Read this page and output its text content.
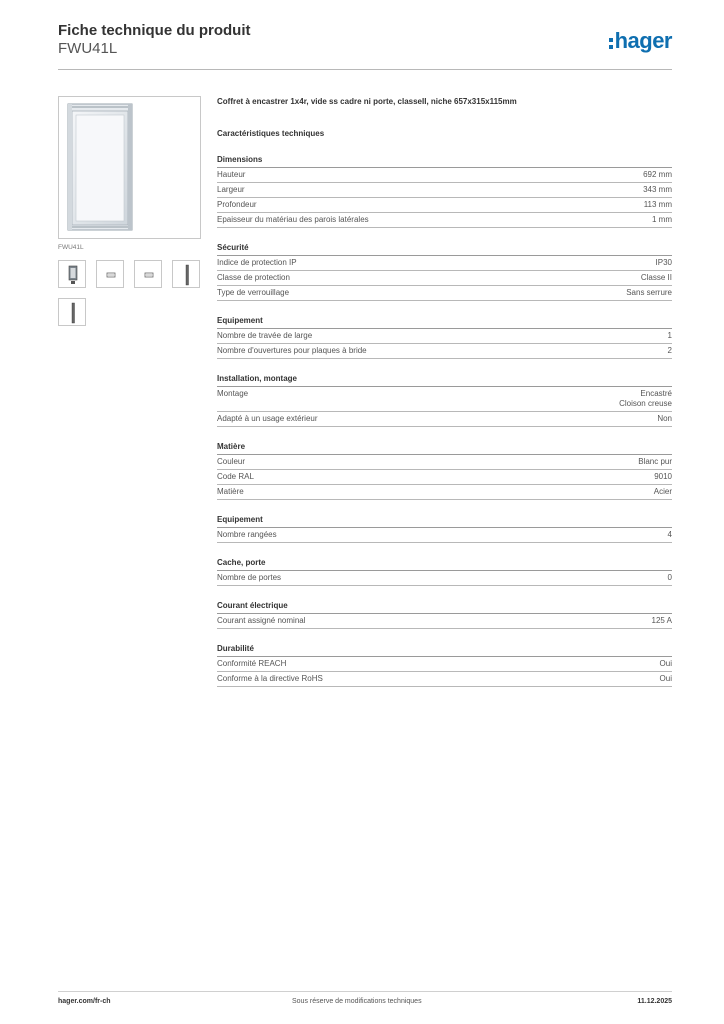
Fiche technique du produit
FWU41L	hager
FWU41L
Coffret à encastrer 1x4r, vide ss cadre ni porte, classeII, niche 657x315x115mm
Caractéristiques techniques
Dimensions
Hauteur	692 mm
Largeur	343 mm
Profondeur	113 mm
Epaisseur du matériau des parois latérales	1 mm
Sécurité
Indice de protection IP	IP30
Classe de protection	Classe II
Type de verrouillage	Sans serrure
Equipement
Nombre de travée de large	1
Nombre d'ouvertures pour plaques à bride	2
Installation, montage
Montage	Encastré
Cloison creuse
Adapté à un usage extérieur	Non
Matière
Couleur	Blanc pur
Code RAL	9010
Matière	Acier
Equipement
Nombre rangées	4
Cache, porte
Nombre de portes	0
Courant électrique
Courant assigné nominal	125 A
Durabilité
Conformité REACH	Oui
Conforme à la directive RoHS	Oui
hager.com/fr-ch	Sous réserve de modifications techniques	11.12.2025
